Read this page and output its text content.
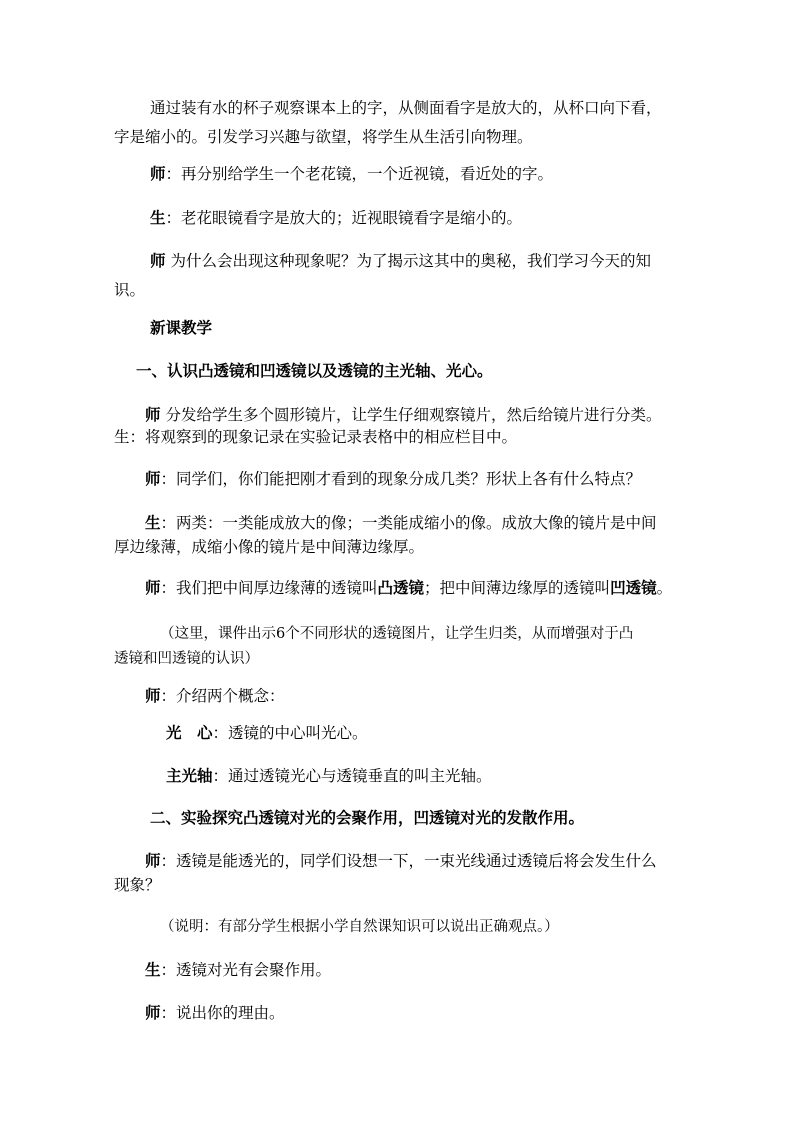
通过装有水的杯子观察课本上的字，从侧面看字是放大的，从杯口向下看，

字是缩小的。引发学习兴趣与欲望，将学生从生活引向物理。

师：再分别给学生一个老花镜，一个近视镜，看近处的字。

生：老花眼镜看字是放大的；近视眼镜看字是缩小的。

师 为什么会出现这种现象呢？为了揭示这其中的奥秘，我们学习今天的知

识。

新课教学

一、认识凸透镜和凹透镜以及透镜的主光轴、光心。

师 分发给学生多个圆形镜片，让学生仔细观察镜片，然后给镜片进行分类。

生：将观察到的现象记录在实验记录表格中的相应栏目中。

师：同学们，你们能把刚才看到的现象分成几类？形状上各有什么特点？

生：两类：一类能成放大的像；一类能成缩小的像。成放大像的镜片是中间

厚边缘薄，成缩小像的镜片是中间薄边缘厚。

师：我们把中间厚边缘薄的透镜叫凸透镜；把中间薄边缘厚的透镜叫凹透镜。

（这里，课件出示6个不同形状的透镜图片，让学生归类，从而增强对于凸

透镜和凹透镜的认识）

师：介绍两个概念：

光　心：透镜的中心叫光心。

主光轴：通过透镜光心与透镜垂直的叫主光轴。

二、实验探究凸透镜对光的会聚作用，凹透镜对光的发散作用。

师：透镜是能透光的，同学们设想一下，一束光线通过透镜后将会发生什么

现象？

（说明：有部分学生根据小学自然课知识可以说出正确观点。）

生：透镜对光有会聚作用。

师：说出你的理由。
